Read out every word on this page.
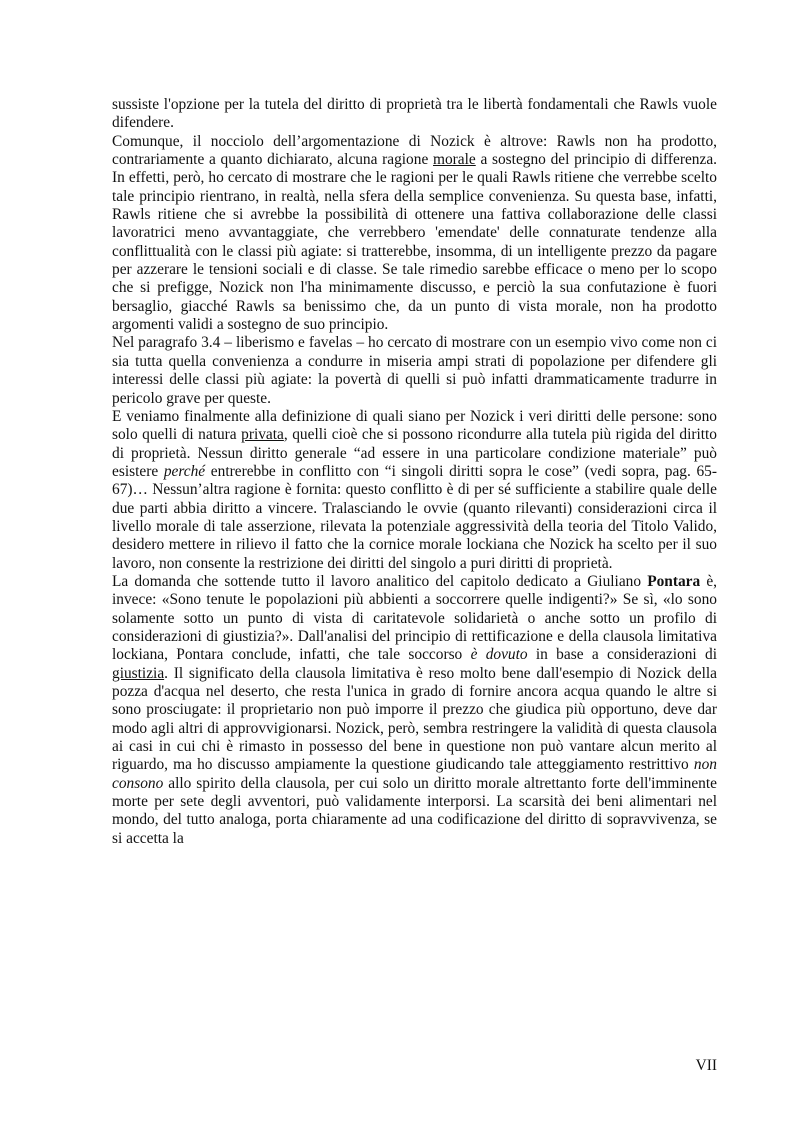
sussiste l'opzione per la tutela del diritto di proprietà tra le libertà fondamentali che Rawls vuole difendere.

Comunque, il nocciolo dell’argomentazione di Nozick è altrove: Rawls non ha prodotto, contrariamente a quanto dichiarato, alcuna ragione morale a sostegno del principio di differenza. In effetti, però, ho cercato di mostrare che le ragioni per le quali Rawls ritiene che verrebbe scelto tale principio rientrano, in realtà, nella sfera della semplice convenienza. Su questa base, infatti, Rawls ritiene che si avrebbe la possibilità di ottenere una fattiva collaborazione delle classi lavoratrici meno avvantaggiate, che verrebbero 'emendate' delle connaturate tendenze alla conflittualità con le classi più agiate: si tratterebbe, insomma, di un intelligente prezzo da pagare per azzerare le tensioni sociali e di classe. Se tale rimedio sarebbe efficace o meno per lo scopo che si prefigge, Nozick non l'ha minimamente discusso, e perciò la sua confutazione è fuori bersaglio, giacché Rawls sa benissimo che, da un punto di vista morale, non ha prodotto argomenti validi a sostegno de suo principio.

Nel paragrafo 3.4 – liberismo e favelas – ho cercato di mostrare con un esempio vivo come non ci sia tutta quella convenienza a condurre in miseria ampi strati di popolazione per difendere gli interessi delle classi più agiate: la povertà di quelli si può infatti drammaticamente tradurre in pericolo grave per queste.

E veniamo finalmente alla definizione di quali siano per Nozick i veri diritti delle persone: sono solo quelli di natura privata, quelli cioè che si possono ricondurre alla tutela più rigida del diritto di proprietà. Nessun diritto generale “ad essere in una particolare condizione materiale” può esistere perché entrerebbe in conflitto con “i singoli diritti sopra le cose” (vedi sopra, pag. 65-67)… Nessun’altra ragione è fornita: questo conflitto è di per sé sufficiente a stabilire quale delle due parti abbia diritto a vincere. Tralasciando le ovvie (quanto rilevanti) considerazioni circa il livello morale di tale asserzione, rilevata la potenziale aggressività della teoria del Titolo Valido, desidero mettere in rilievo il fatto che la cornice morale lockiana che Nozick ha scelto per il suo lavoro, non consente la restrizione dei diritti del singolo a puri diritti di proprietà.

La domanda che sottende tutto il lavoro analitico del capitolo dedicato a Giuliano Pontara è, invece: «Sono tenute le popolazioni più abbienti a soccorrere quelle indigenti?» Se sì, «lo sono solamente sotto un punto di vista di caritatevole solidarietà o anche sotto un profilo di considerazioni di giustizia?». Dall'analisi del principio di rettificazione e della clausola limitativa lockiana, Pontara conclude, infatti, che tale soccorso è dovuto in base a considerazioni di giustizia. Il significato della clausola limitativa è reso molto bene dall'esempio di Nozick della pozza d'acqua nel deserto, che resta l'unica in grado di fornire ancora acqua quando le altre si sono prosciugate: il proprietario non può imporre il prezzo che giudica più opportuno, deve dar modo agli altri di approvvigionarsi. Nozick, però, sembra restringere la validità di questa clausola ai casi in cui chi è rimasto in possesso del bene in questione non può vantare alcun merito al riguardo, ma ho discusso ampiamente la questione giudicando tale atteggiamento restrittivo non consono allo spirito della clausola, per cui solo un diritto morale altrettanto forte dell'imminente morte per sete degli avventori, può validamente interporsi. La scarsità dei beni alimentari nel mondo, del tutto analoga, porta chiaramente ad una codificazione del diritto di sopravvivenza, se si accetta la

VII
